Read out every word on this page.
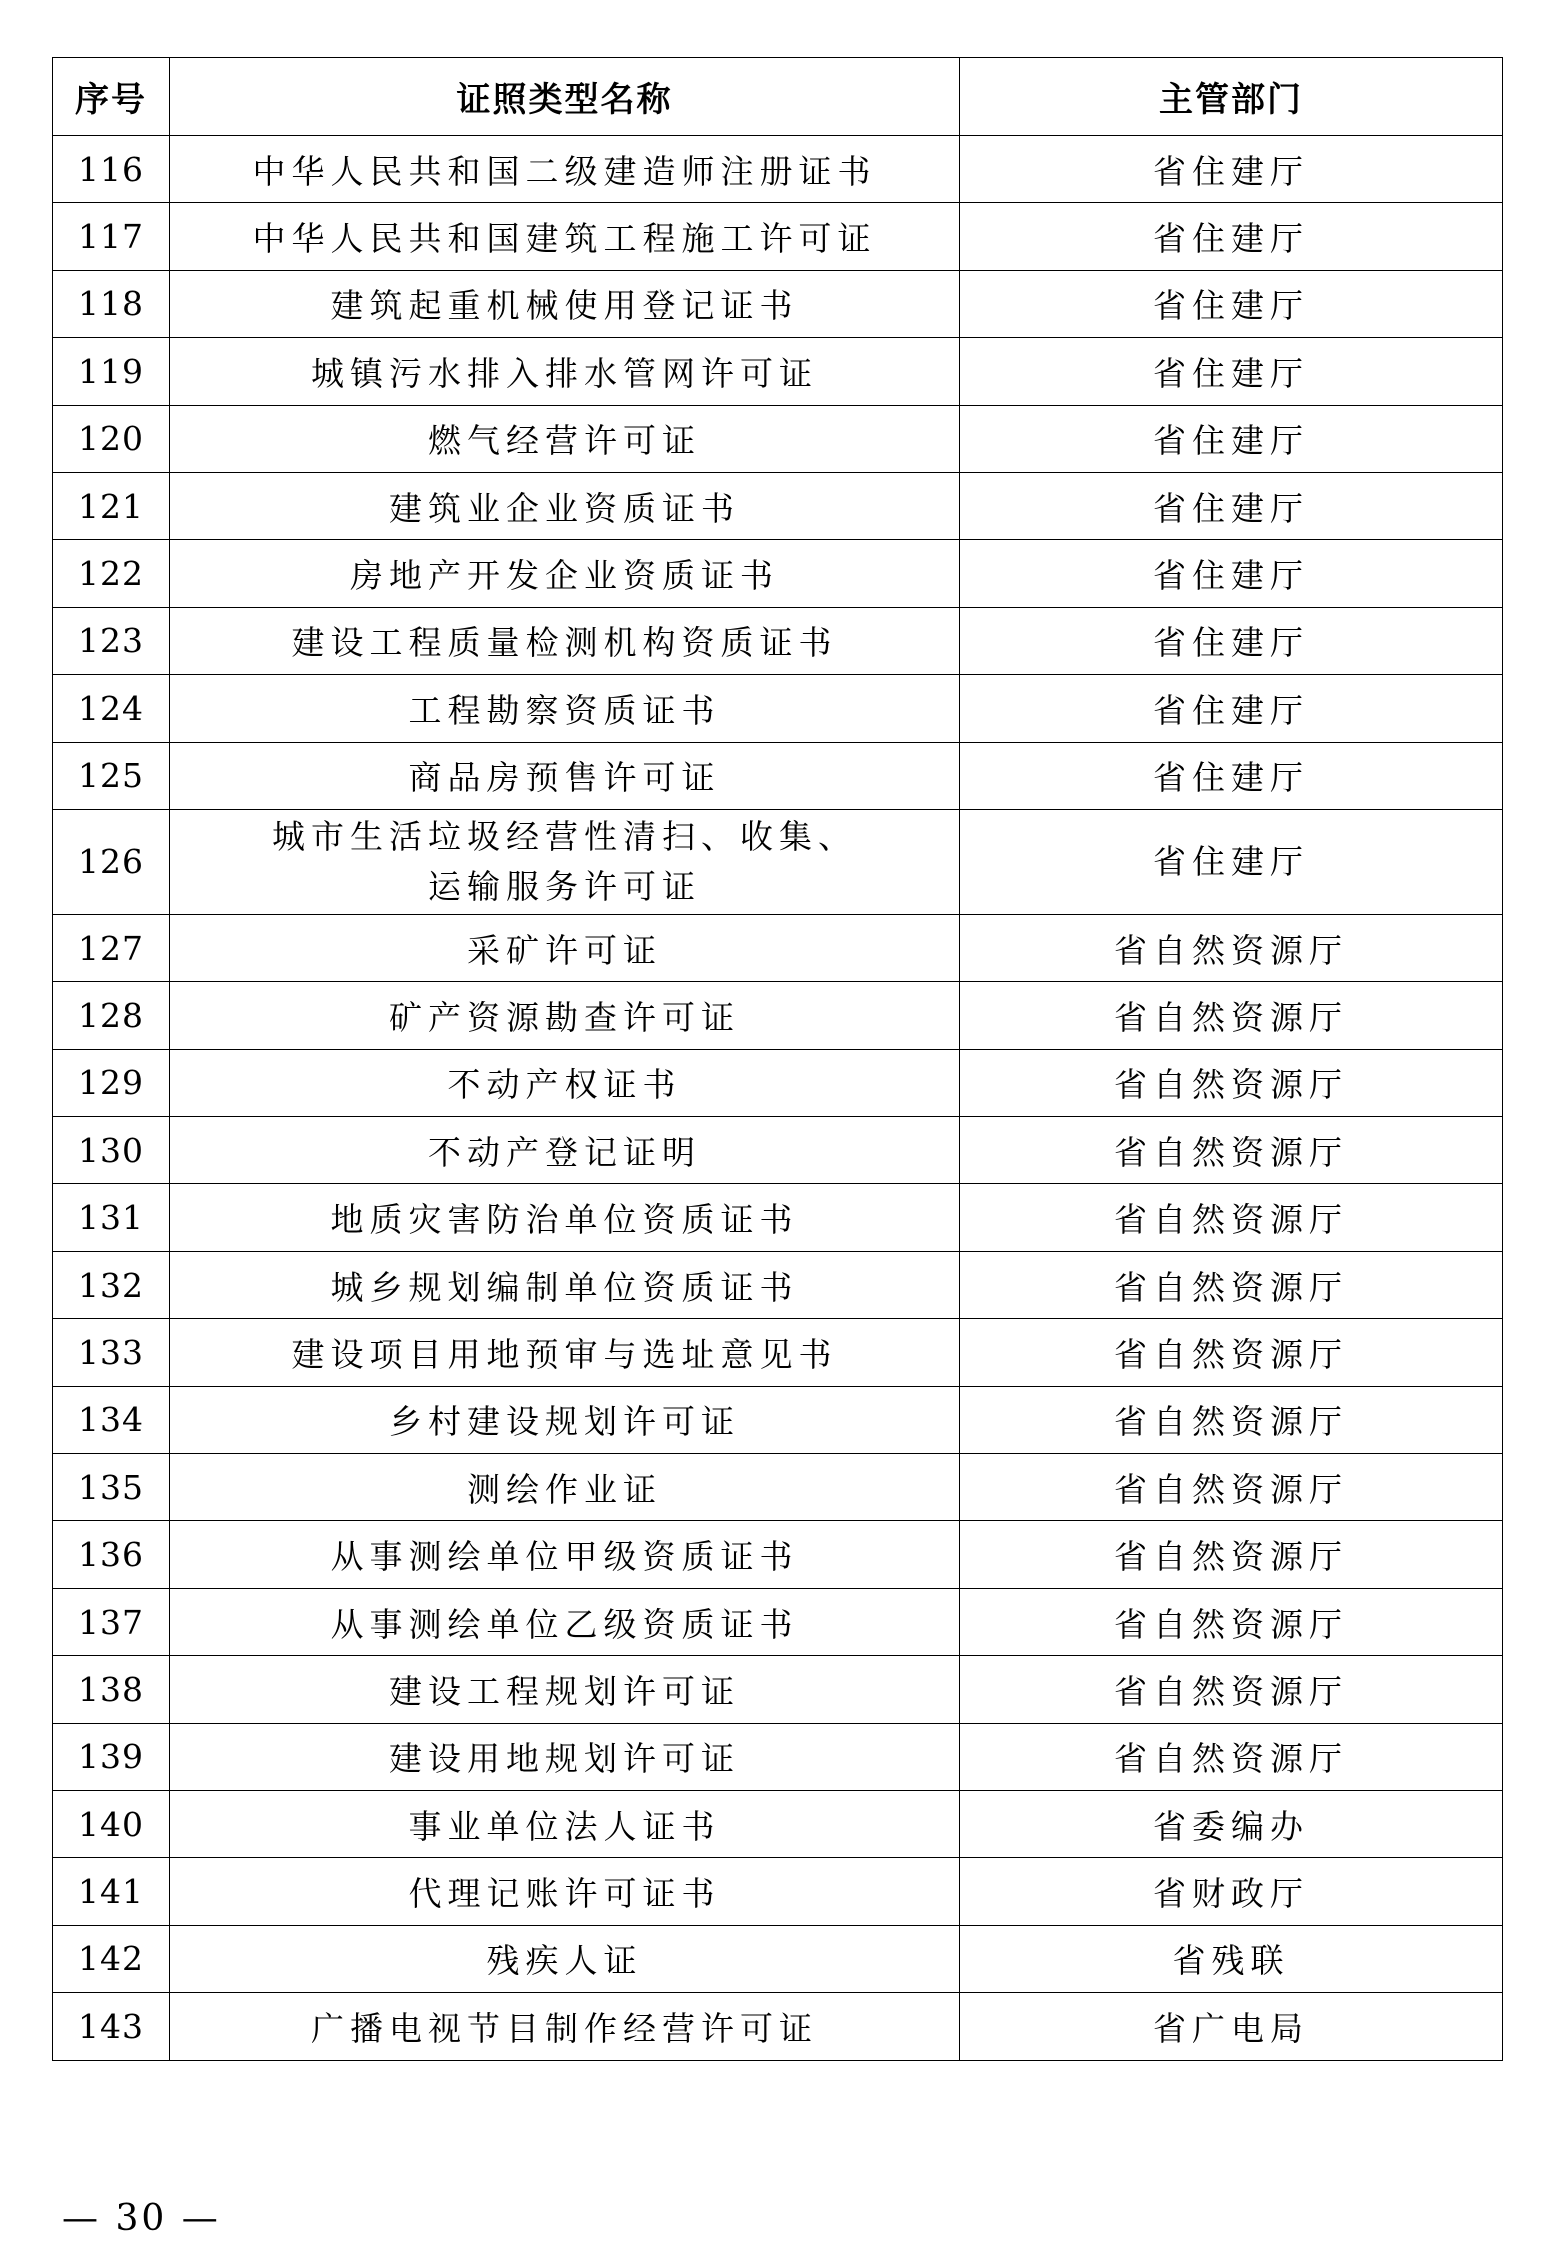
序号	证照类型名称	主管部门
116	中华人民共和国二级建造师注册证书	省住建厅
117	中华人民共和国建筑工程施工许可证	省住建厅
118	建筑起重机械使用登记证书	省住建厅
119	城镇污水排入排水管网许可证	省住建厅
120	燃气经营许可证	省住建厅
121	建筑业企业资质证书	省住建厅
122	房地产开发企业资质证书	省住建厅
123	建设工程质量检测机构资质证书	省住建厅
124	工程勘察资质证书	省住建厅
125	商品房预售许可证	省住建厅
126	城市生活垃圾经营性清扫、收集、
运输服务许可证	省住建厅
127	采矿许可证	省自然资源厅
128	矿产资源勘查许可证	省自然资源厅
129	不动产权证书	省自然资源厅
130	不动产登记证明	省自然资源厅
131	地质灾害防治单位资质证书	省自然资源厅
132	城乡规划编制单位资质证书	省自然资源厅
133	建设项目用地预审与选址意见书	省自然资源厅
134	乡村建设规划许可证	省自然资源厅
135	测绘作业证	省自然资源厅
136	从事测绘单位甲级资质证书	省自然资源厅
137	从事测绘单位乙级资质证书	省自然资源厅
138	建设工程规划许可证	省自然资源厅
139	建设用地规划许可证	省自然资源厅
140	事业单位法人证书	省委编办
141	代理记账许可证书	省财政厅
142	残疾人证	省残联
143	广播电视节目制作经营许可证	省广电局
— 30 —
